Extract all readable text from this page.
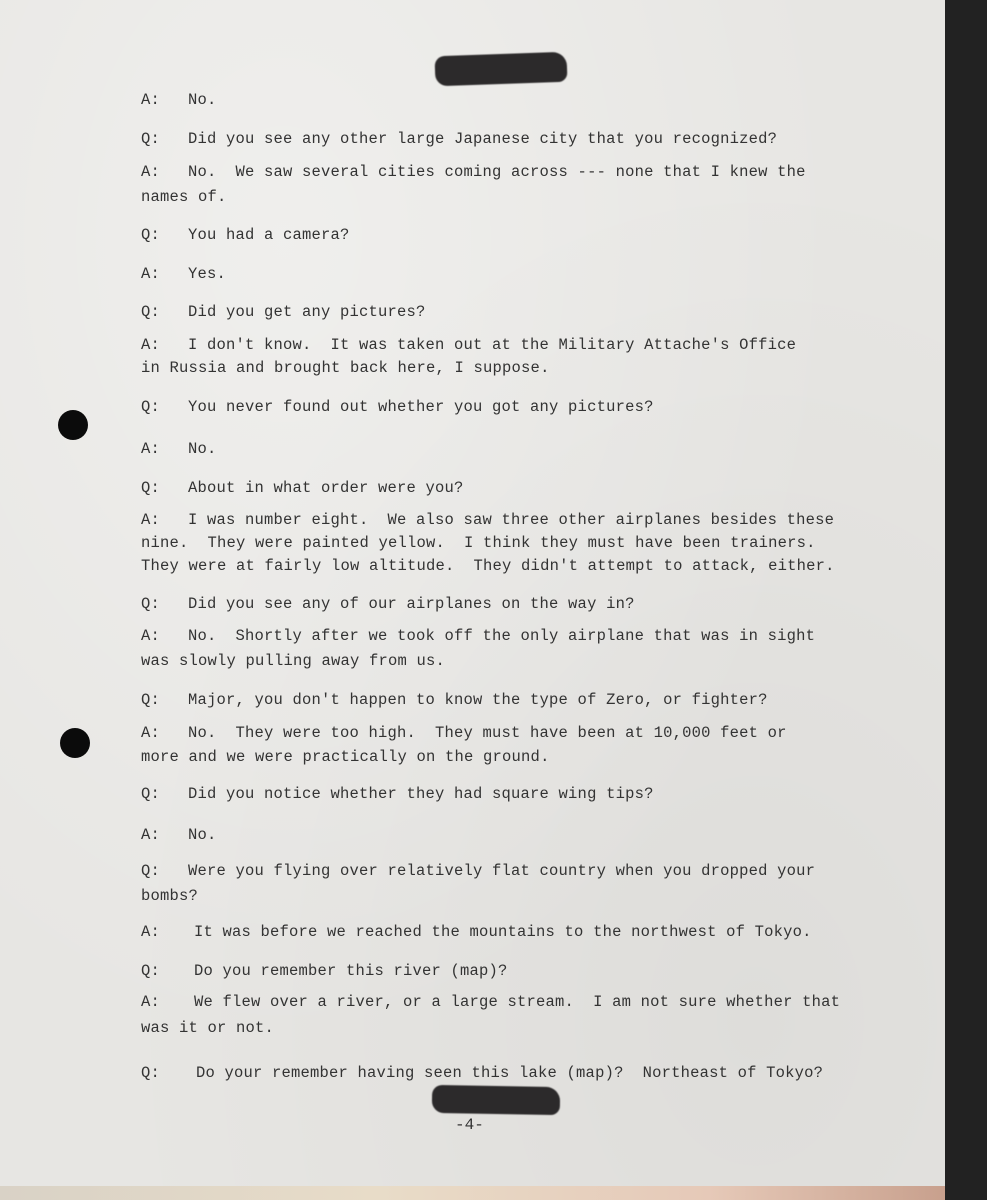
A:	No.
Q:	Did you see any other large Japanese city that you recognized?
A:	No.  We saw several cities coming across --- none that I knew the
names of.
Q:	You had a camera?
A:	Yes.
Q:	Did you get any pictures?
A:	I don't know.  It was taken out at the Military Attache's Office
in Russia and brought back here, I suppose.
Q:	You never found out whether you got any pictures?
A:	No.
Q:	About in what order were you?
A:	I was number eight.  We also saw three other airplanes besides these
nine.  They were painted yellow.  I think they must have been trainers.
They were at fairly low altitude.  They didn't attempt to attack, either.
Q:	Did you see any of our airplanes on the way in?
A:	No.  Shortly after we took off the only airplane that was in sight
was slowly pulling away from us.
Q:	Major, you don't happen to know the type of Zero, or fighter?
A:	No.  They were too high.  They must have been at 10,000 feet or
more and we were practically on the ground.
Q:	Did you notice whether they had square wing tips?
A:	No.
Q:	Were you flying over relatively flat country when you dropped your
bombs?
A:	It was before we reached the mountains to the northwest of Tokyo.
Q:	Do you remember this river (map)?
A:	We flew over a river, or a large stream.  I am not sure whether that
was it or not.
Q:	Do your remember having seen this lake (map)?  Northeast of Tokyo?
-4-
